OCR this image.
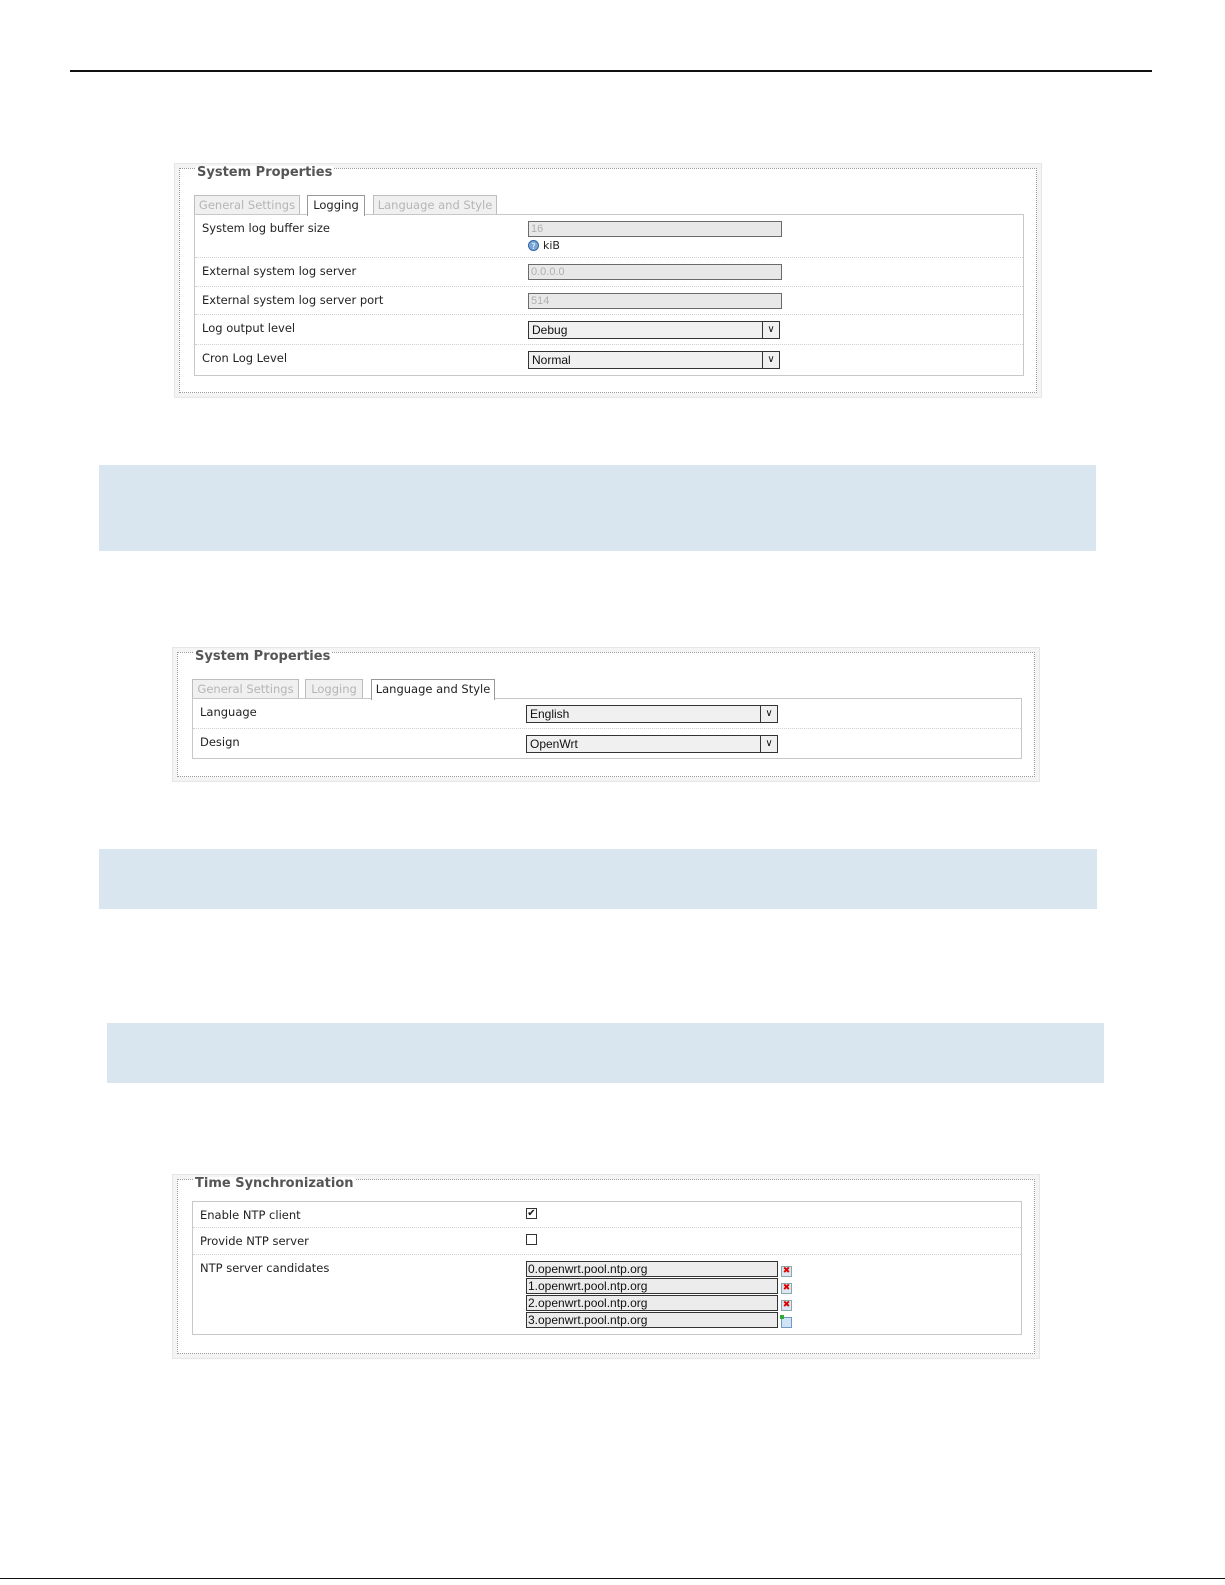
System Properties
General Settings	Logging	Language and Style
System log buffer size	16
? kiB
External system log server	0.0.0.0
External system log server port	514
Log output level	Debug	∨
Cron Log Level	Normal	∨
System Properties
General Settings	Logging	Language and Style
Language	English	∨
Design	OpenWrt	∨
Time Synchronization
Enable NTP client	✔
Provide NTP server
NTP server candidates	0.openwrt.pool.ntp.org	✖
1.openwrt.pool.ntp.org	✖
2.openwrt.pool.ntp.org	✖
3.openwrt.pool.ntp.org
